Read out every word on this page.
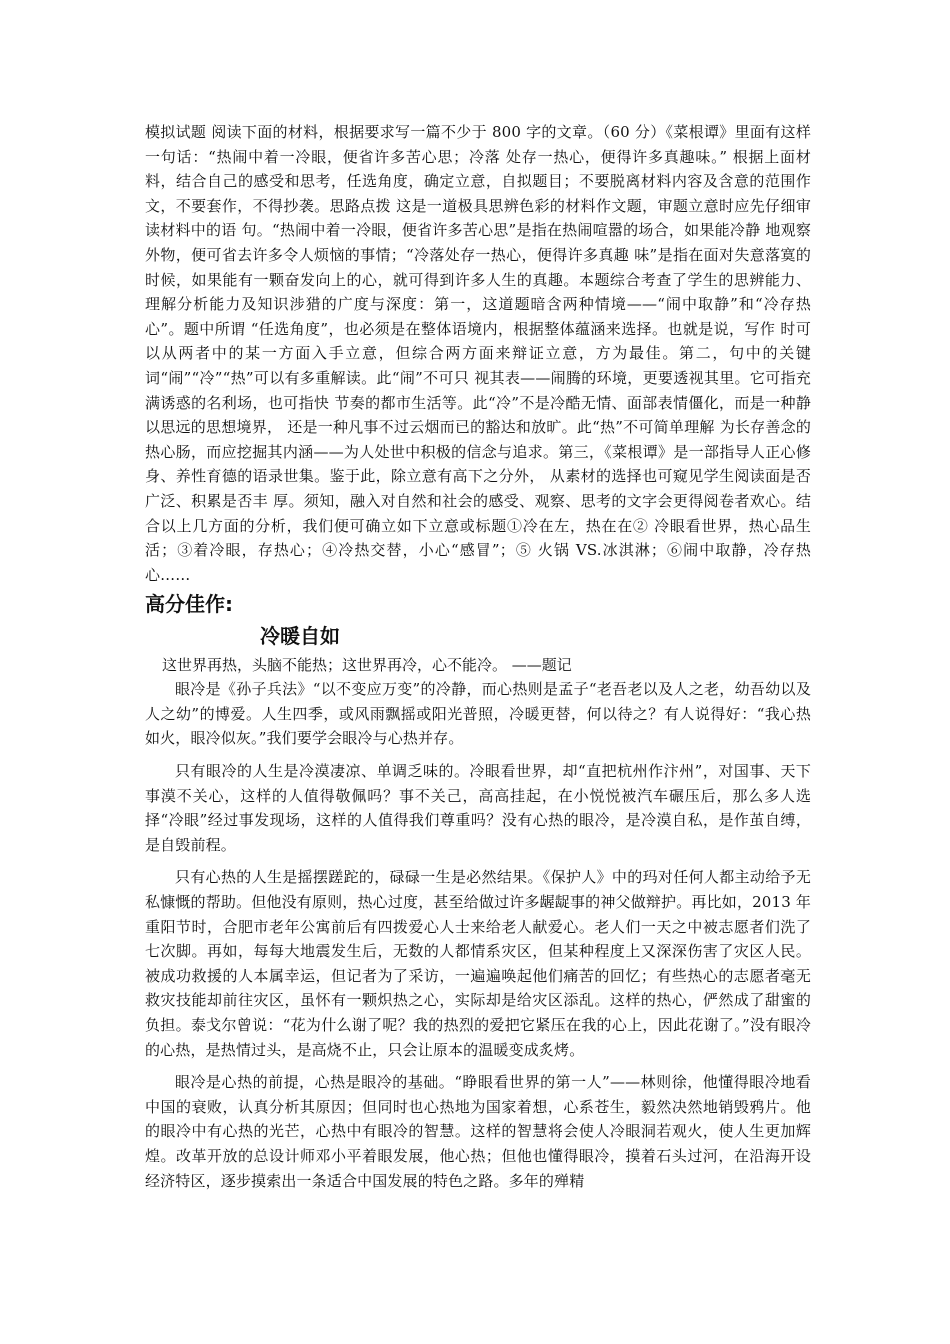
模拟试题 阅读下面的材料，根据要求写一篇不少于 800 字的文章。（60 分）《菜根谭》里面有这样一句话：“热闹中着一冷眼，便省许多苦心思；冷落 处存一热心，便得许多真趣味。” 根据上面材料，结合自己的感受和思考，任选角度，确定立意，自拟题目；不要脱离材料内容及含意的范围作文，不要套作，不得抄袭。思路点拨 这是一道极具思辨色彩的材料作文题，审题立意时应先仔细审读材料中的语 句。“热闹中着一冷眼，便省许多苦心思”是指在热闹喧嚣的场合，如果能冷静 地观察外物，便可省去许多令人烦恼的事情；“冷落处存一热心，便得许多真趣 味”是指在面对失意落寞的时候，如果能有一颗奋发向上的心，就可得到许多人生的真趣。本题综合考查了学生的思辨能力、理解分析能力及知识涉猎的广度与深度：第一，这道题暗含两种情境——“闹中取静”和“冷存热心”。题中所谓 “任选角度”，也必须是在整体语境内，根据整体蕴涵来选择。也就是说，写作 时可以从两者中的某一方面入手立意，但综合两方面来辩证立意，方为最佳。第二，句中的关键词“闹”“冷”“热”可以有多重解读。此“闹”不可只 视其表——闹腾的环境，更要透视其里。它可指充满诱惑的名利场，也可指快 节奏的都市生活等。此“冷”不是冷酷无情、面部表情僵化，而是一种静以思远的思想境界， 还是一种凡事不过云烟而已的豁达和放旷。此“热”不可简单理解 为长存善念的热心肠，而应挖掘其内涵——为人处世中积极的信念与追求。第三，《菜根谭》是一部指导人正心修身、养性育德的语录世集。鉴于此，除立意有高下之分外， 从素材的选择也可窥见学生阅读面是否广泛、积累是否丰 厚。须知，融入对自然和社会的感受、观察、思考的文字会更得阅卷者欢心。结合以上几方面的分析，我们便可确立如下立意或标题①冷在左，热在在② 冷眼看世界，热心品生活；③着冷眼，存热心；④冷热交替，小心“感冒”；⑤ 火锅 VS.冰淇淋；⑥闹中取静，冷存热心……

高分佳作:
冷暖自如
这世界再热，头脑不能热；这世界再冷，心不能冷。 ——题记

眼冷是《孙子兵法》“以不变应万变”的冷静，而心热则是孟子“老吾老以及人之老，幼吾幼以及人之幼”的博爱。人生四季，或风雨飘摇或阳光普照，冷暖更替，何以待之？有人说得好：“我心热如火，眼冷似灰。”我们要学会眼冷与心热并存。

只有眼冷的人生是冷漠凄凉、单调乏味的。冷眼看世界，却“直把杭州作汴州”，对国事、天下事漠不关心，这样的人值得敬佩吗？事不关己，高高挂起，在小悦悦被汽车碾压后，那么多人选择“冷眼”经过事发现场，这样的人值得我们尊重吗？没有心热的眼冷，是冷漠自私，是作茧自缚，是自毁前程。

只有心热的人生是摇摆蹉跎的，碌碌一生是必然结果。《保护人》中的玛对任何人都主动给予无私慷慨的帮助。但他没有原则，热心过度，甚至给做过许多龌龊事的神父做辩护。再比如，2013 年重阳节时，合肥市老年公寓前后有四拨爱心人士来给老人献爱心。老人们一天之中被志愿者们洗了七次脚。再如，每每大地震发生后，无数的人都情系灾区，但某种程度上又深深伤害了灾区人民。被成功救援的人本属幸运，但记者为了采访，一遍遍唤起他们痛苦的回忆；有些热心的志愿者毫无救灾技能却前往灾区，虽怀有一颗炽热之心，实际却是给灾区添乱。这样的热心，俨然成了甜蜜的负担。泰戈尔曾说：“花为什么谢了呢？我的热烈的爱把它紧压在我的心上，因此花谢了。”没有眼冷的心热，是热情过头，是高烧不止，只会让原本的温暖变成炙烤。

眼冷是心热的前提，心热是眼冷的基础。“睁眼看世界的第一人”——林则徐，他懂得眼冷地看中国的衰败，认真分析其原因；但同时也心热地为国家着想，心系苍生，毅然决然地销毁鸦片。他的眼冷中有心热的光芒，心热中有眼冷的智慧。这样的智慧将会使人冷眼洞若观火，使人生更加辉煌。改革开放的总设计师邓小平着眼发展，他心热；但他也懂得眼冷，摸着石头过河，在沿海开设经济特区，逐步摸索出一条适合中国发展的特色之路。多年的殚精
